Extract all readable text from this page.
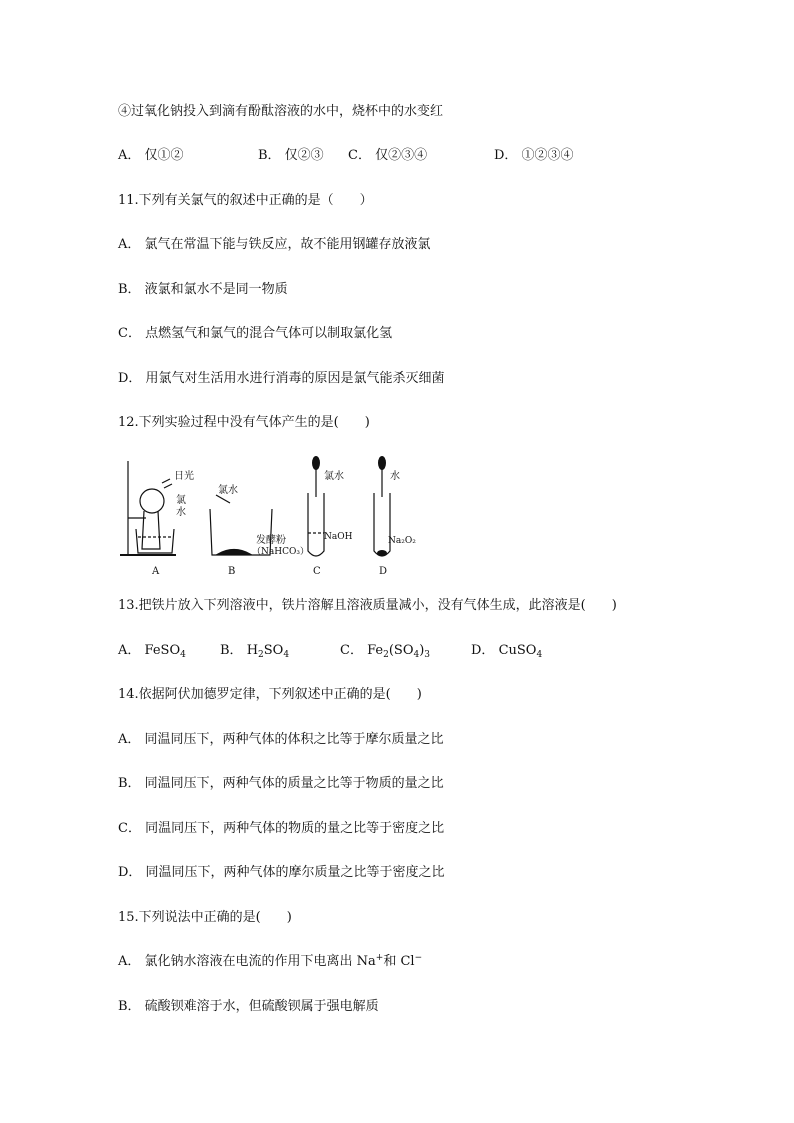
④过氧化钠投入到滴有酚酞溶液的水中，烧杯中的水变红
A． 仅①②	B． 仅②③ C． 仅②③④	D． ①②③④
11.下列有关氯气的叙述中正确的是（　　）
A． 氯气在常温下能与铁反应，故不能用钢罐存放液氯
B． 液氯和氯水不是同一物质
C． 点燃氢气和氯气的混合气体可以制取氯化氢
D． 用氯气对生活用水进行消毒的原因是氯气能杀灭细菌
12.下列实验过程中没有气体产生的是(　　)
日光
氯
水
氯水
发酵粉
（NaHCO₃）
氯水
NaOH
水
Na₂O₂
A	B	C	D
13.把铁片放入下列溶液中，铁片溶解且溶液质量减小，没有气体生成，此溶液是(　　)
A． FeSO$_4$	B． $H_2SO_4$	C． $Fe_2(SO_4)_3$	D． CuSO$_4$
14.依据阿伏加德罗定律，下列叙述中正确的是(　　)
A． 同温同压下，两种气体的体积之比等于摩尔质量之比
B． 同温同压下，两种气体的质量之比等于物质的量之比
C． 同温同压下，两种气体的物质的量之比等于密度之比
D． 同温同压下，两种气体的摩尔质量之比等于密度之比
15.下列说法中正确的是(　　)
A． 氯化钠水溶液在电流的作用下电离出 Na+和 Cl−
B． 硫酸钡难溶于水，但硫酸钡属于强电解质
